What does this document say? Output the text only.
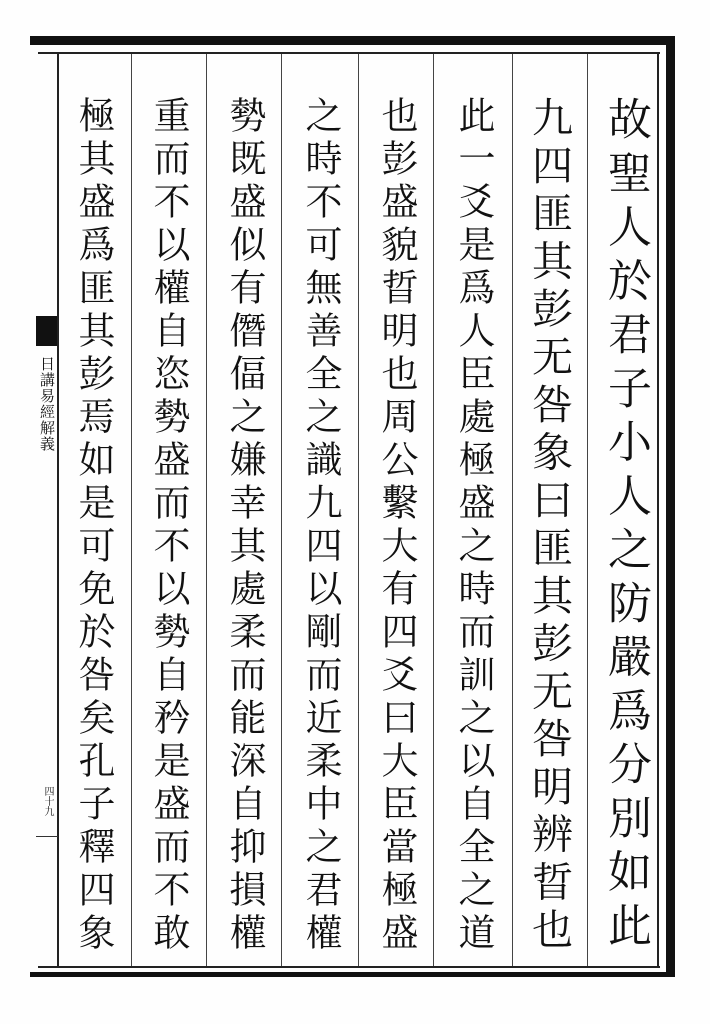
日講易經解義
四十九	故聖人於君子小人之防嚴爲分別如此
九四匪其彭无咎象曰匪其彭无咎明辨晢也
此一爻是爲人臣處極盛之時而訓之以自全之道
也彭盛貌晢明也周公繫大有四爻曰大臣當極盛
之時不可無善全之識九四以剛而近柔中之君權
勢既盛似有僭偪之嫌幸其處柔而能深自抑損權
重而不以權自恣勢盛而不以勢自矜是盛而不敢
極其盛爲匪其彭焉如是可免於咎矣孔子釋四象
